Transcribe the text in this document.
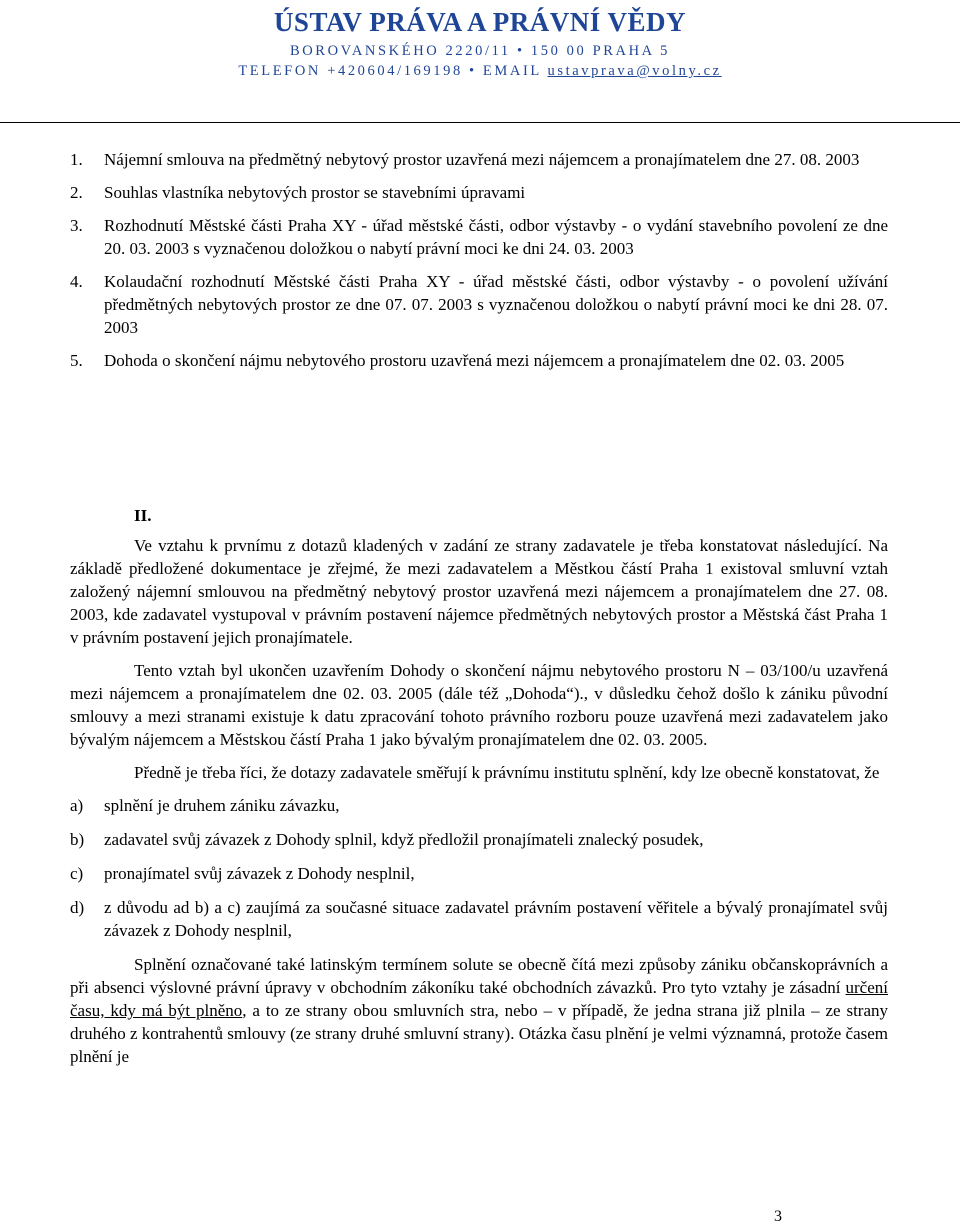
ÚSTAV PRÁVA A PRÁVNÍ VĚDY
BOROVANSKÉHO 2220/11 • 150 00 PRAHA 5
TELEFON +420604/169198 • EMAIL ustavprava@volny.cz
1.	Nájemní smlouva na předmětný nebytový prostor uzavřená mezi nájemcem a pronajímatelem dne 27. 08. 2003
2.	Souhlas vlastníka nebytových prostor se stavebními úpravami
3.	Rozhodnutí Městské části Praha XY - úřad městské části, odbor výstavby - o vydání stavebního povolení ze dne 20. 03. 2003 s vyznačenou doložkou o nabytí právní moci ke dni 24. 03. 2003
4.	Kolaudační rozhodnutí Městské části Praha XY - úřad městské části, odbor výstavby - o povolení užívání předmětných nebytových prostor ze dne 07. 07. 2003 s vyznačenou doložkou o nabytí právní moci ke dni 28. 07. 2003
5.	Dohoda o skončení nájmu nebytového prostoru uzavřená mezi nájemcem a pronajímatelem dne 02. 03. 2005
II.

Ve vztahu k prvnímu z dotazů kladených v zadání ze strany zadavatele je třeba konstatovat následující. Na základě předložené dokumentace je zřejmé, že mezi zadavatelem a Městkou částí Praha 1 existoval smluvní vztah založený nájemní smlouvou na předmětný nebytový prostor uzavřená mezi nájemcem a pronajímatelem dne 27. 08. 2003, kde zadavatel vystupoval v právním postavení nájemce předmětných nebytových prostor a Městská část Praha 1 v právním postavení jejich pronajímatele.

Tento vztah byl ukončen uzavřením Dohody o skončení nájmu nebytového prostoru N – 03/100/u uzavřená mezi nájemcem a pronajímatelem dne 02. 03. 2005 (dále též „Dohoda“)., v důsledku čehož došlo k zániku původní smlouvy a mezi stranami existuje k datu zpracování tohoto právního rozboru pouze uzavřená mezi zadavatelem jako bývalým nájemcem a Městskou částí Praha 1 jako bývalým pronajímatelem dne 02. 03. 2005.

Předně je třeba říci, že dotazy zadavatele směřují k právnímu institutu splnění, kdy lze obecně konstatovat, že

a)	splnění je druhem zániku závazku,
b)	zadavatel svůj závazek z Dohody splnil, když předložil pronajímateli znalecký posudek,
c)	pronajímatel svůj závazek z Dohody nesplnil,
d)	z důvodu ad b) a c) zaujímá za současné situace zadavatel právním postavení věřitele a bývalý pronajímatel svůj závazek z Dohody nesplnil,

Splnění označované také latinským termínem solute se obecně čítá mezi způsoby zániku občanskoprávních a při absenci výslovné právní úpravy v obchodním zákoníku také obchodních závazků. Pro tyto vztahy je zásadní určení času, kdy má být plněno, a to ze strany obou smluvních stra, nebo – v případě, že jedna strana již plnila – ze strany druhého z kontrahentů smlouvy (ze strany druhé smluvní strany). Otázka času plnění je velmi významná, protože časem plnění je

3
